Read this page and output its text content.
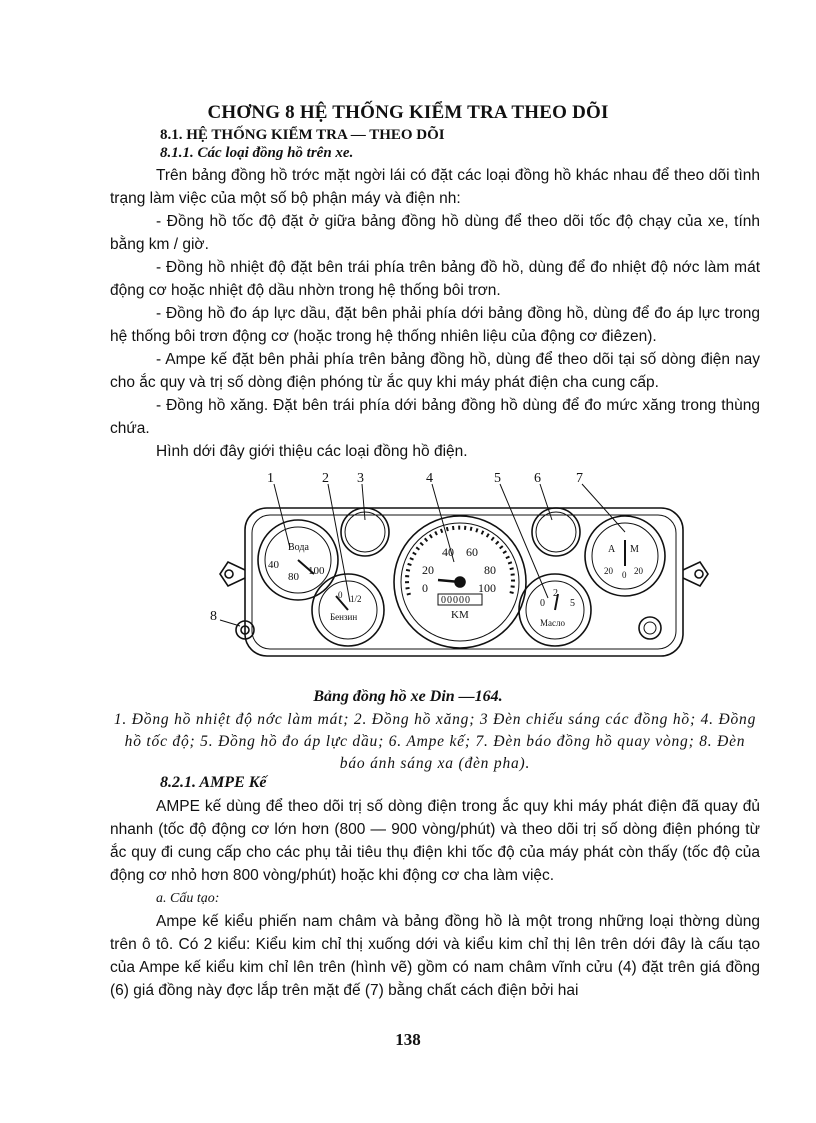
CHƠNG 8 HỆ THỐNG KIỂM TRA THEO DÕI
8.1. HỆ THỐNG KIỂM TRA — THEO DÕI
8.1.1. Các loại đồng hồ trên xe.

Trên bảng đồng hồ trớc mặt ngời lái có đặt các loại đồng hồ khác nhau để theo dõi tình trạng làm việc của một số bộ phận máy và điện nh:

- Đồng hồ tốc độ đặt ở giữa bảng đồng hồ dùng để theo dõi tốc độ chạy của xe, tính bằng km / giờ.

- Đồng hồ nhiệt độ đặt bên trái phía trên bảng đồ hồ, dùng để đo nhiệt độ nớc làm mát động cơ hoặc nhiệt độ dầu nhờn trong hệ thống bôi trơn.

- Đồng hồ đo áp lực dầu, đặt bên phải phía dới bảng đồng hồ, dùng để đo áp lực trong hệ thống bôi trơn động cơ (hoặc trong hệ thống nhiên liệu của động cơ điêzen).

- Ampe kế đặt bên phải phía trên bảng đồng hồ, dùng để theo dõi tại số dòng điện nay cho ắc quy và trị số dòng điện phóng từ ắc quy khi máy phát điện cha cung cấp.

- Đồng hồ xăng. Đặt bên trái phía dới bảng đồng hồ dùng để đo mức xăng trong thùng chứa.

Hình dới đây giới thiệu các loại đồng hồ điện.

Вода
40
80 100
0 1/2
Бензин
20
40 60
80
100
0
00000
KM
0
2
5
Масло
A M
20 0 20
1	2 3	4	5 6	7
8
Bảng đồng hồ xe Din —164.
1. Đồng hồ nhiệt độ nớc làm mát; 2. Đồng hồ xăng; 3 Đèn chiếu sáng các đồng hồ; 4. Đồng hồ tốc độ; 5. Đồng hồ đo áp lực dầu; 6. Ampe kế; 7. Đèn báo đồng hồ quay vòng; 8. Đèn báo ánh sáng xa (đèn pha).
8.2.1. AMPE Kế

AMPE kế dùng để theo dõi trị số dòng điện trong ắc quy khi máy phát điện đã quay đủ nhanh (tốc độ động cơ lớn hơn (800 — 900 vòng/phút) và theo dõi trị số dòng điện phóng từ ắc quy đi cung cấp cho các phụ tải tiêu thụ điện khi tốc độ của máy phát còn thấy (tốc độ của động cơ nhỏ hơn 800 vòng/phút) hoặc khi động cơ cha làm việc.

a. Cấu tạo:

Ampe kế kiểu phiến nam châm và bảng đồng hồ là một trong những loại thờng dùng trên ô tô. Có 2 kiểu: Kiểu kim chỉ thị xuống dới và kiểu kim chỉ thị lên trên dới đây là cấu tạo của Ampe kế kiểu kim chỉ lên trên (hình vẽ) gồm có nam châm vĩnh cửu (4) đặt trên giá đồng (6) giá đồng này đợc lắp trên mặt đế (7) bằng chất cách điện bởi hai

138
